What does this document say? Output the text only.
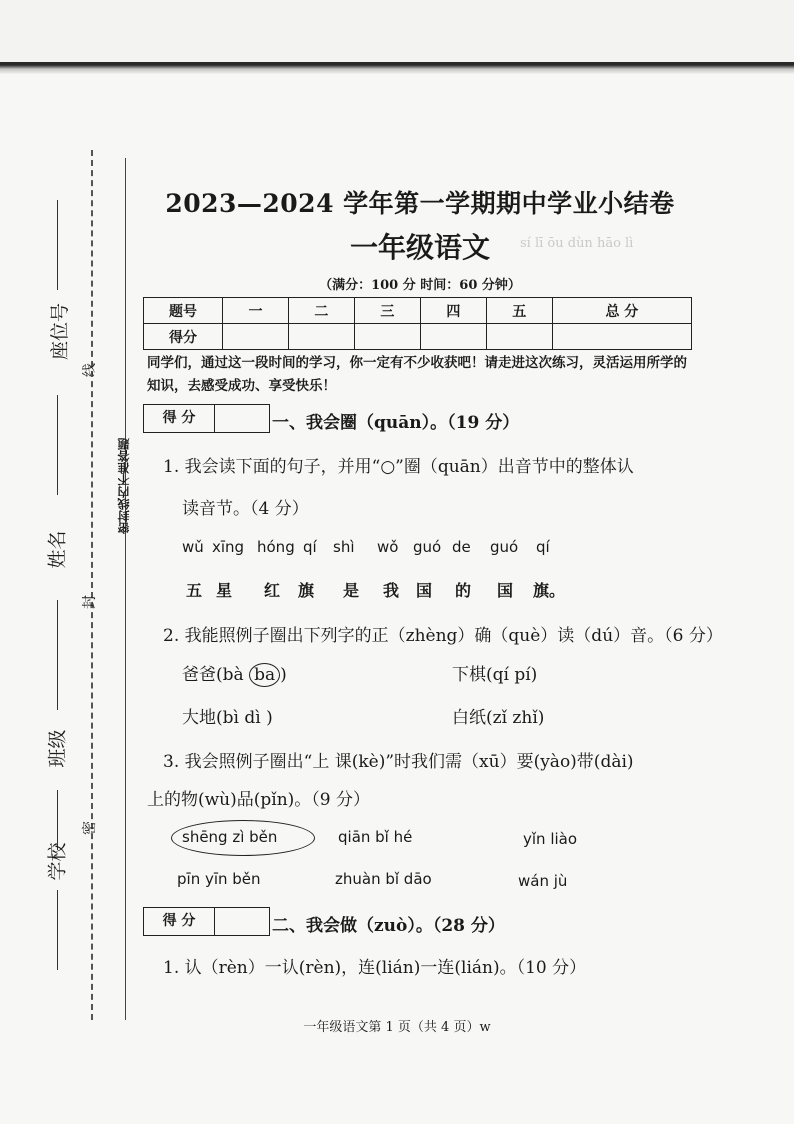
座位号
姓名
班级
学校
线
封
密
sí lī ōu dùn hāo lì
2023—2024 学年第一学期期中学业小结卷
一年级语文
（满分：100 分 时间：60 分钟）
题号	一	二	三	四	五	总 分
得分						
同学们，通过这一段时间的学习，你一定有不少收获吧！请走进这次练习，灵活运用所学的知识，去感受成功、享受快乐！
得 分	一、我会圈（quān）。（19 分）
1. 我会读下面的句子，并用“○”圈（quān）出音节中的整体认
读音节。（4 分）
wǔ xīng hóng qí shì wǒ guó de guó qí
五 星 红 旗 是 我 国 的 国 旗。
2. 我能照例子圈出下列字的正（zhèng）确（què）读（dú）音。（6 分）
爸爸(bà ba )	下棋(qí pí)
大地(bì dì )	白纸(zǐ zhǐ)
3. 我会照例子圈出“上 课(kè)”时我们需（xū）要(yào)带(dài)
上的物(wù)品(pǐn)。（9 分）
shēng zì běn	qiān bǐ hé	yǐn liào
pīn yīn běn	zhuàn bǐ dāo	wán jù
得 分	二、我会做（zuò）。（28 分）
1. 认（rèn）一认(rèn)，连(lián)一连(lián)。（10 分）
一年级语文第 1 页（共 4 页）w
